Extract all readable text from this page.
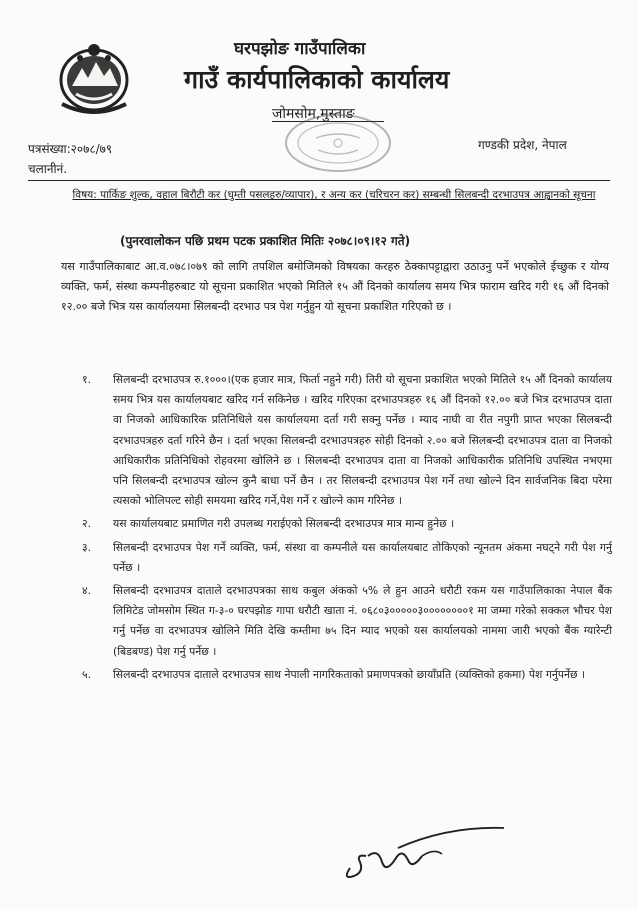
घरपझोङ गाउँपालिका
गाउँ कार्यपालिकाको कार्यालय
जोमसोम,मुस्ताङ
पत्रसंख्या:२०७८/७९	गण्डकी प्रदेश, नेपाल
चलानीनं.
विषय: पार्किङ शुल्क, वहाल बिरौटी कर (घुम्ती पसलहरु/व्यापार), र अन्य कर (चरिचरन कर) सम्बन्धी सिलबन्दी दरभाउपत्र आह्वानको सूचना
(पुनरवालोकन पछि प्रथम पटक प्रकाशित मितिः २०७८।०९।१२ गते)
यस गाउँपालिकाबाट आ.व.०७८।०७९ को लागि तपशिल बमोजिमको विषयका करहरु ठेक्कापट्टाद्वारा उठाउनु पर्ने भएकोले ईच्छुक र योग्य व्यक्ति, फर्म, संस्था कम्पनीहरुबाट यो सूचना प्रकाशित भएको मितिले १५ औं दिनको कार्यालय समय भित्र फाराम खरिद गरी १६ औं दिनको १२.०० बजे भित्र यस कार्यालयमा सिलबन्दी दरभाउ पत्र पेश गर्नुहुन यो सूचना प्रकाशित गरिएको छ ।
१. सिलबन्दी दरभाउपत्र रु.१०००।(एक हजार मात्र, फिर्ता नहुने गरी) तिरी यो सूचना प्रकाशित भएको मितिले १५ औं दिनको कार्यालय समय भित्र यस कार्यालयबाट खरिद गर्न सकिनेछ । खरिद गरिएका दरभाउपत्रहरु १६ औं दिनको १२.०० बजे भित्र दरभाउपत्र दाता वा निजको आधिकारिक प्रतिनिधिले यस कार्यालयमा दर्ता गरी सक्नु पर्नेछ । म्याद नाघी वा रीत नपुगी प्राप्त भएका सिलबन्दी दरभाउपत्रहरु दर्ता गरिने छैन । दर्ता भएका सिलबन्दी दरभाउपत्रहरु सोही दिनको २.०० बजे सिलबन्दी दरभाउपत्र दाता वा निजको आधिकारीक प्रतिनिधिको रोहवरमा खोलिने छ । सिलबन्दी दरभाउपत्र दाता वा निजको आधिकारीक प्रतिनिधि उपस्थित नभएमा पनि सिलबन्दी दरभाउपत्र खोल्न कुनै बाधा पर्ने छैन । तर सिलबन्दी दरभाउपत्र पेश गर्ने तथा खोल्ने दिन सार्वजनिक बिदा परेमा त्यसको भोलिपल्ट सोही समयमा खरिद गर्ने,पेश गर्ने र खोल्ने काम गरिनेछ ।
२. यस कार्यालयबाट प्रमाणित गरी उपलब्ध गराईएको सिलबन्दी दरभाउपत्र मात्र मान्य हुनेछ ।
३. सिलबन्दी दरभाउपत्र पेश गर्ने व्यक्ति, फर्म, संस्था वा कम्पनीले यस कार्यालयबाट तोकिएको न्यूनतम अंकमा नघट्ने गरी पेश गर्नु पर्नेछ ।
४. सिलबन्दी दरभाउपत्र दाताले दरभाउपत्रका साथ कबुल अंकको ५% ले हुन आउने धरौटी रकम यस गाउँपालिकाका नेपाल बैंक लिमिटेड जोमसोम स्थित ग-३-० घरपझोङ गापा धरौटी खाता नं. ०६८०३०००००३००००००००१ मा जम्मा गरेको सक्कल भौचर पेश गर्नु पर्नेछ वा दरभाउपत्र खोलिने मिति देखि कम्तीमा ७५ दिन म्याद भएको यस कार्यालयको नाममा जारी भएको बैंक ग्यारेन्टी (बिडबण्ड) पेश गर्नु पर्नेछ ।
५. सिलबन्दी दरभाउपत्र दाताले दरभाउपत्र साथ नेपाली नागरिकताको प्रमाणपत्रको छायाँप्रति (व्यक्तिको हकमा) पेश गर्नुपर्नेछ ।
